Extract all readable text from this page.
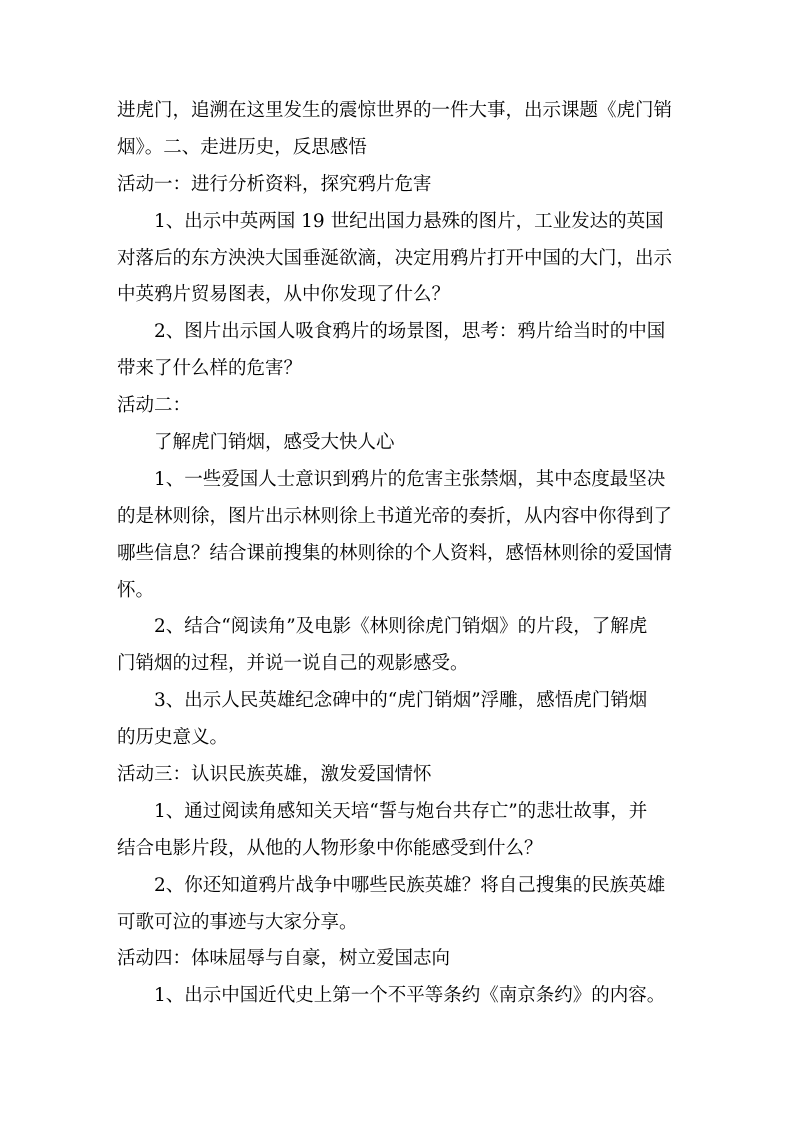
进虎门，追溯在这里发生的震惊世界的一件大事，出示课题《虎门销
烟》。二、走进历史，反思感悟
活动一：进行分析资料，探究鸦片危害
1、出示中英两国 19 世纪出国力悬殊的图片，工业发达的英国
对落后的东方泱泱大国垂涎欲滴，决定用鸦片打开中国的大门，出示
中英鸦片贸易图表，从中你发现了什么？
2、图片出示国人吸食鸦片的场景图，思考：鸦片给当时的中国
带来了什么样的危害？
活动二：
了解虎门销烟，感受大快人心
1、一些爱国人士意识到鸦片的危害主张禁烟，其中态度最坚决
的是林则徐，图片出示林则徐上书道光帝的奏折，从内容中你得到了
哪些信息？结合课前搜集的林则徐的个人资料，感悟林则徐的爱国情
怀。
2、结合“阅读角”及电影《林则徐虎门销烟》的片段，了解虎
门销烟的过程，并说一说自己的观影感受。
3、出示人民英雄纪念碑中的“虎门销烟”浮雕，感悟虎门销烟
的历史意义。
活动三：认识民族英雄，激发爱国情怀
1、通过阅读角感知关天培“誓与炮台共存亡”的悲壮故事，并
结合电影片段，从他的人物形象中你能感受到什么？
2、你还知道鸦片战争中哪些民族英雄？将自己搜集的民族英雄
可歌可泣的事迹与大家分享。
活动四：体味屈辱与自豪，树立爱国志向
1、出示中国近代史上第一个不平等条约《南京条约》的内容。
